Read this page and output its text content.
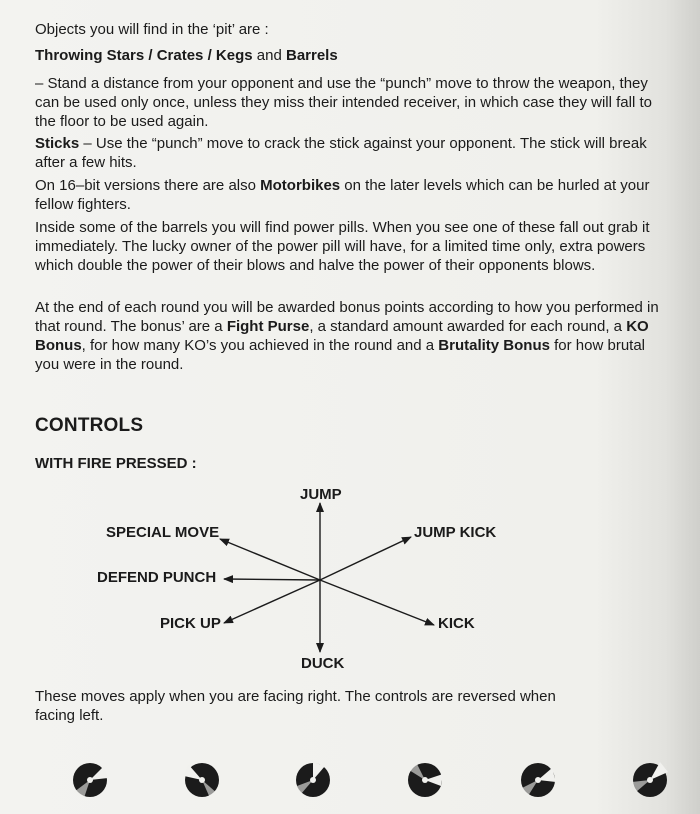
Objects you will find in the ‘pit’ are :

Throwing Stars / Crates / Kegs and Barrels

– Stand a distance from your opponent and use the “punch” move to throw the weapon, they can be used only once, unless they miss their intended receiver, in which case they will fall to the floor to be used again.

Sticks – Use the “punch” move to crack the stick against your opponent. The stick will break after a few hits.

On 16–bit versions there are also Motorbikes on the later levels which can be hurled at your fellow fighters.

Inside some of the barrels you will find power pills. When you see one of these fall out grab it immediately. The lucky owner of the power pill will have, for a limited time only, extra powers which double the power of their blows and halve the power of their opponents blows.

At the end of each round you will be awarded bonus points according to how you performed in that round. The bonus’ are a Fight Purse, a standard amount awarded for each round, a KO Bonus, for how many KO’s you achieved in the round and a Brutality Bonus for how brutal you were in the round.

CONTROLS

WITH FIRE PRESSED :

JUMP
JUMP KICK
SPECIAL MOVE
DEFEND PUNCH
PICK UP	KICK
DUCK

These moves apply when you are facing right. The controls are reversed when facing left.
